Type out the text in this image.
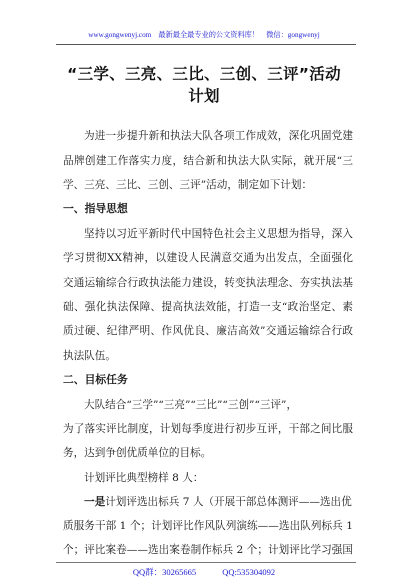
www.gongwenyj.com　最新最全最专业的公文资料库！　微信：gongwenyj
“三学、三亮、三比、三创、三评”活动
计划
为进一步提升新和执法大队各项工作成效，深化巩固党建
品牌创建工作落实力度，结合新和执法大队实际，就开展“三
学、三亮、三比、三创、三评”活动，制定如下计划：
一、指导思想
坚持以习近平新时代中国特色社会主义思想为指导，深入
学习贯彻XX精神，以建设人民满意交通为出发点，全面强化
交通运输综合行政执法能力建设，转变执法理念、夯实执法基
础、强化执法保障、提高执法效能，打造一支“政治坚定、素
质过硬、纪律严明、作风优良、廉洁高效”交通运输综合行政
执法队伍。
二、目标任务
大队结合“三学”“三亮”“三比”“三创”“三评”，
为了落实评比制度，计划每季度进行初步互评，干部之间比服
务，达到争创优质单位的目标。
计划评比典型榜样 8 人：
一是计划评选出标兵 7 人（开展干部总体测评——选出优
质服务干部 1 个；计划评比作风队列演练——选出队列标兵 1
个；评比案卷——选出案卷制作标兵 2 个；计划评比学习强国
QQ群：30265665	QQ:535304092
